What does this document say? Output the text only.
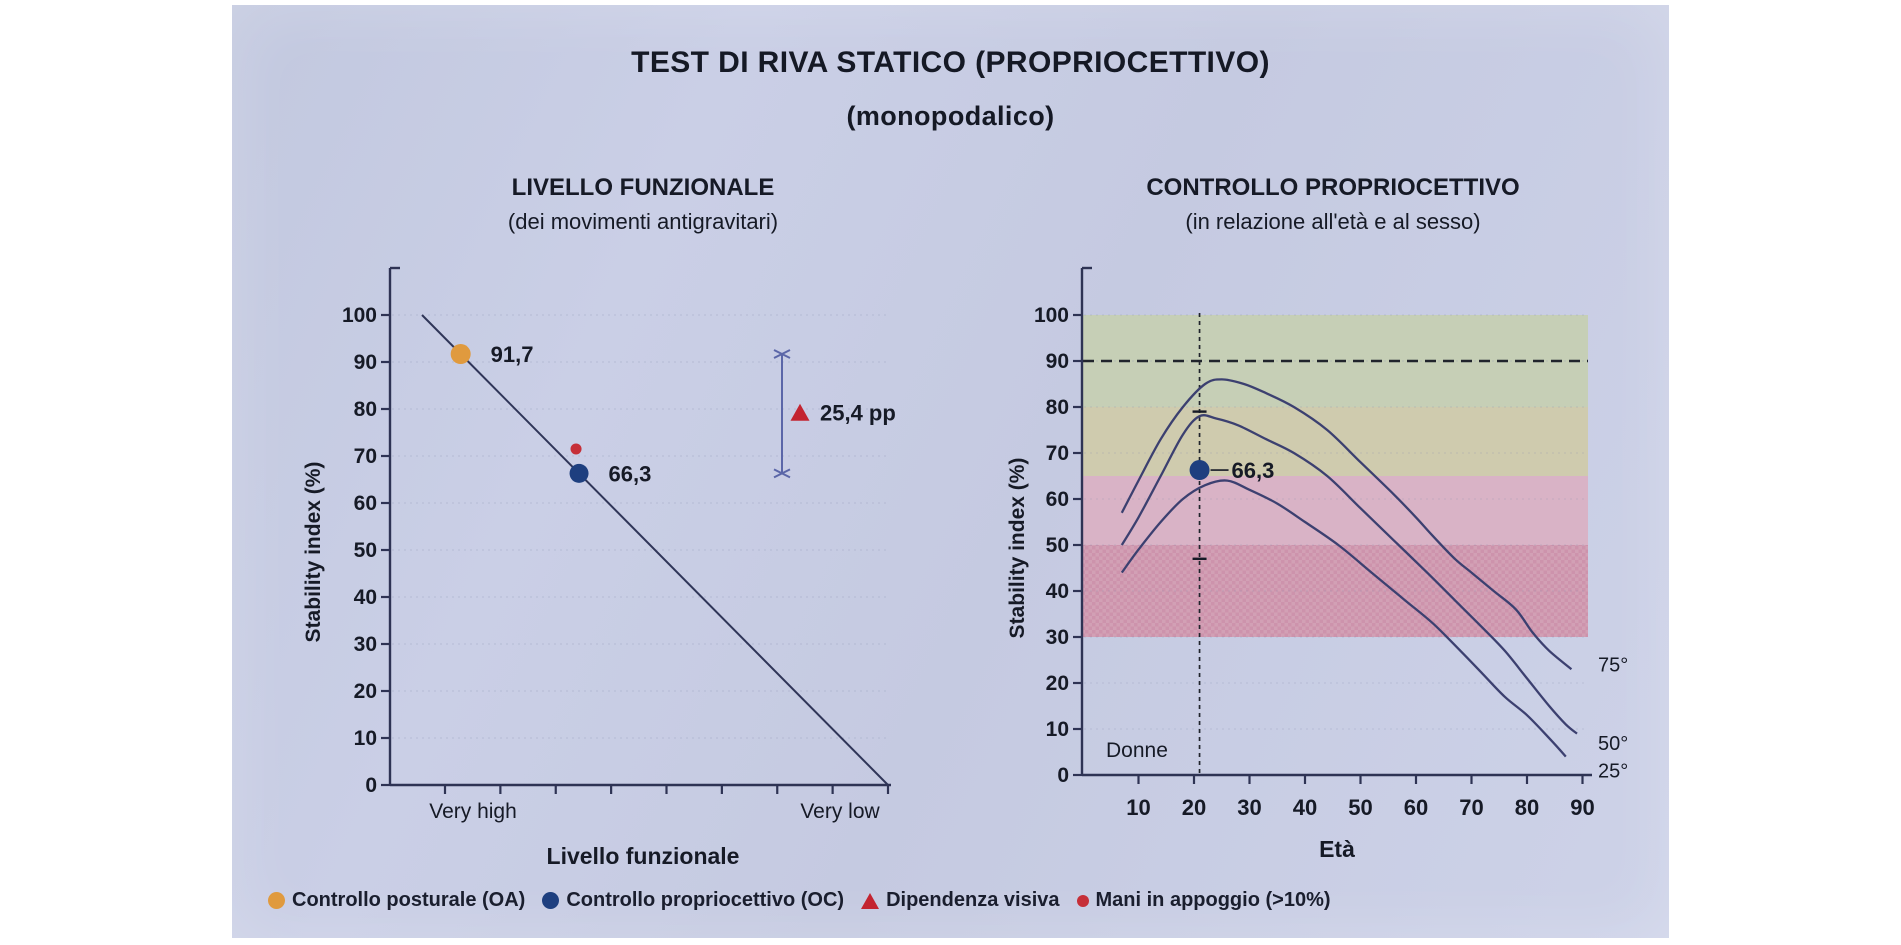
TEST DI RIVA STATICO (PROPRIOCETTIVO)
(monopodalico)
LIVELLO FUNZIONALE
(dei movimenti antigravitari)
CONTROLLO PROPRIOCETTIVO
(in relazione all'età e al sesso)
0
10
20
30
40
50
60
70
80
90
100
Very high	Very low
Livello funzionale
Stability index (%)
91,7
66,3
25,4 pp
75°
50°
25°
0
10
20
30
40
50
60
70
80
90
100
10 20 30 40 50 60 70 80 90
Età
Stability index (%)
Donne
66,3
Controllo posturale (OA) Controllo propriocettivo (OC) Dipendenza visiva Mani in appoggio (>10%)
